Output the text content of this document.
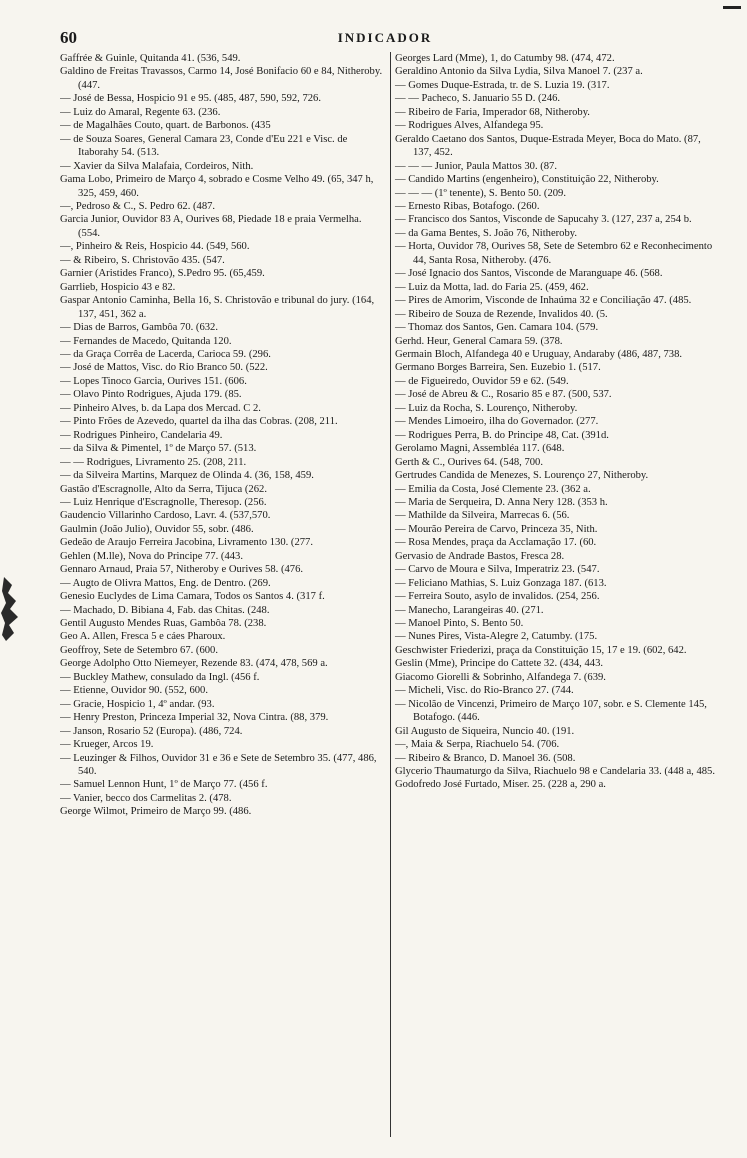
60	INDICADOR

Gaffrée & Guinle, Quitanda 41. (536, 549.

Galdino de Freitas Travassos, Carmo 14, José Bonifacio 60 e 84, Nitheroby. (447.

— José de Bessa, Hospicio 91 e 95. (485, 487, 590, 592, 726.

— Luiz do Amaral, Regente 63. (236.

— de Magalhães Couto, quart. de Barbonos. (435

— de Souza Soares, General Camara 23, Conde d'Eu 221 e Visc. de Itaborahy 54. (513.

— Xavier da Silva Malafaia, Cordeiros, Nith.

Gama Lobo, Primeiro de Março 4, sobrado e Cosme Velho 49. (65, 347 h, 325, 459, 460.

—, Pedroso & C., S. Pedro 62. (487.

Garcia Junior, Ouvidor 83 A, Ourives 68, Piedade 18 e praia Vermelha. (554.

—, Pinheiro & Reis, Hospicio 44. (549, 560.

— & Ribeiro, S. Christovão 435. (547.

Garnier (Aristides Franco), S.Pedro 95. (65,459.

Garrlieb, Hospicio 43 e 82.

Gaspar Antonio Caminha, Bella 16, S. Christovão e tribunal do jury. (164, 137, 451, 362 a.

— Dias de Barros, Gambôa 70. (632.

— Fernandes de Macedo, Quitanda 120.

— da Graça Corrêa de Lacerda, Carioca 59. (296.

— José de Mattos, Visc. do Rio Branco 50. (522.

— Lopes Tinoco Garcia, Ourives 151. (606.

— Olavo Pinto Rodrigues, Ajuda 179. (85.

— Pinheiro Alves, b. da Lapa dos Mercad. C 2.

— Pinto Frões de Azevedo, quartel da ilha das Cobras. (208, 211.

— Rodrigues Pinheiro, Candelaria 49.

— da Silva & Pimentel, 1º de Março 57. (513.

— — Rodrigues, Livramento 25. (208, 211.

— da Silveira Martins, Marquez de Olinda 4. (36, 158, 459.

Gastão d'Escragnolle, Alto da Serra, Tijuca (262.

— Luiz Henrique d'Escragnolle, Theresop. (256.

Gaudencio Villarinho Cardoso, Lavr. 4. (537,570.

Gaulmin (João Julio), Ouvidor 55, sobr. (486.

Gedeão de Araujo Ferreira Jacobina, Livramento 130. (277.

Gehlen (M.lle), Nova do Principe 77. (443.

Gennaro Arnaud, Praia 57, Nitheroby e Ourives 58. (476.

— Augto de Olivra Mattos, Eng. de Dentro. (269.

Genesio Euclydes de Lima Camara, Todos os Santos 4. (317 f.

— Machado, D. Bibiana 4, Fab. das Chitas. (248.

Gentil Augusto Mendes Ruas, Gambôa 78. (238.

Geo A. Allen, Fresca 5 e cáes Pharoux.

Geoffroy, Sete de Setembro 67. (600.

George Adolpho Otto Niemeyer, Rezende 83. (474, 478, 569 a.

— Buckley Mathew, consulado da Ingl. (456 f.

— Etienne, Ouvidor 90. (552, 600.

— Gracie, Hospicio 1, 4º andar. (93.

— Henry Preston, Princeza Imperial 32, Nova Cintra. (88, 379.

— Janson, Rosario 52 (Europa). (486, 724.

— Krueger, Arcos 19.

— Leuzinger & Filhos, Ouvidor 31 e 36 e Sete de Setembro 35. (477, 486, 540.

— Samuel Lennon Hunt, 1º de Março 77. (456 f.

— Vanier, becco dos Carmelitas 2. (478.

George Wilmot, Primeiro de Março 99. (486.

Georges Lard (Mme), 1, do Catumby 98. (474, 472.

Geraldino Antonio da Silva Lydia, Silva Manoel 7. (237 a.

— Gomes Duque-Estrada, tr. de S. Luzia 19. (317.

— — Pacheco, S. Januario 55 D. (246.

— Ribeiro de Faria, Imperador 68, Nitheroby.

— Rodrigues Alves, Alfandega 95.

Geraldo Caetano dos Santos, Duque-Estrada Meyer, Boca do Mato. (87, 137, 452.

— — — Junior, Paula Mattos 30. (87.

— Candido Martins (engenheiro), Constituição 22, Nitheroby.

— — — (1º tenente), S. Bento 50. (209.

— Ernesto Ribas, Botafogo. (260.

— Francisco dos Santos, Visconde de Sapucahy 3. (127, 237 a, 254 b.

— da Gama Bentes, S. João 76, Nitheroby.

— Horta, Ouvidor 78, Ourives 58, Sete de Setembro 62 e Reconhecimento 44, Santa Rosa, Nitheroby. (476.

— José Ignacio dos Santos, Visconde de Maranguape 46. (568.

— Luiz da Motta, lad. do Faria 25. (459, 462.

— Pires de Amorim, Visconde de Inhaúma 32 e Conciliação 47. (485.

— Ribeiro de Souza de Rezende, Invalidos 40. (5.

— Thomaz dos Santos, Gen. Camara 104. (579.

Gerhd. Heur, General Camara 59. (378.

Germain Bloch, Alfandega 40 e Uruguay, Andaraby (486, 487, 738.

Germano Borges Barreira, Sen. Euzebio 1. (517.

— de Figueiredo, Ouvidor 59 e 62. (549.

— José de Abreu & C., Rosario 85 e 87. (500, 537.

— Luiz da Rocha, S. Lourenço, Nitheroby.

— Mendes Limoeiro, ilha do Governador. (277.

— Rodrigues Perra, B. do Principe 48, Cat. (391d.

Gerolamo Magni, Assembléa 117. (648.

Gerth & C., Ourives 64. (548, 700.

Gertrudes Candida de Menezes, S. Lourenço 27, Nitheroby.

— Emilia da Costa, José Clemente 23. (362 a.

— Maria de Serqueira, D. Anna Nery 128. (353 h.

— Mathilde da Silveira, Marrecas 6. (56.

— Mourão Pereira de Carvo, Princeza 35, Nith.

— Rosa Mendes, praça da Acclamação 17. (60.

Gervasio de Andrade Bastos, Fresca 28.

— Carvo de Moura e Silva, Imperatriz 23. (547.

— Feliciano Mathias, S. Luiz Gonzaga 187. (613.

— Ferreira Souto, asylo de invalidos. (254, 256.

— Manecho, Larangeiras 40. (271.

— Manoel Pinto, S. Bento 50.

— Nunes Pires, Vista-Alegre 2, Catumby. (175.

Geschwister Friederizi, praça da Constituição 15, 17 e 19. (602, 642.

Geslin (Mme), Principe do Cattete 32. (434, 443.

Giacomo Giorelli & Sobrinho, Alfandega 7. (639.

— Micheli, Visc. do Rio-Branco 27. (744.

— Nicolão de Vincenzi, Primeiro de Março 107, sobr. e S. Clemente 145, Botafogo. (446.

Gil Augusto de Siqueira, Nuncio 40. (191.

—, Maia & Serpa, Riachuelo 54. (706.

— Ribeiro & Branco, D. Manoel 36. (508.

Glycerio Thaumaturgo da Silva, Riachuelo 98 e Candelaria 33. (448 a, 485.

Godofredo José Furtado, Miser. 25. (228 a, 290 a.
